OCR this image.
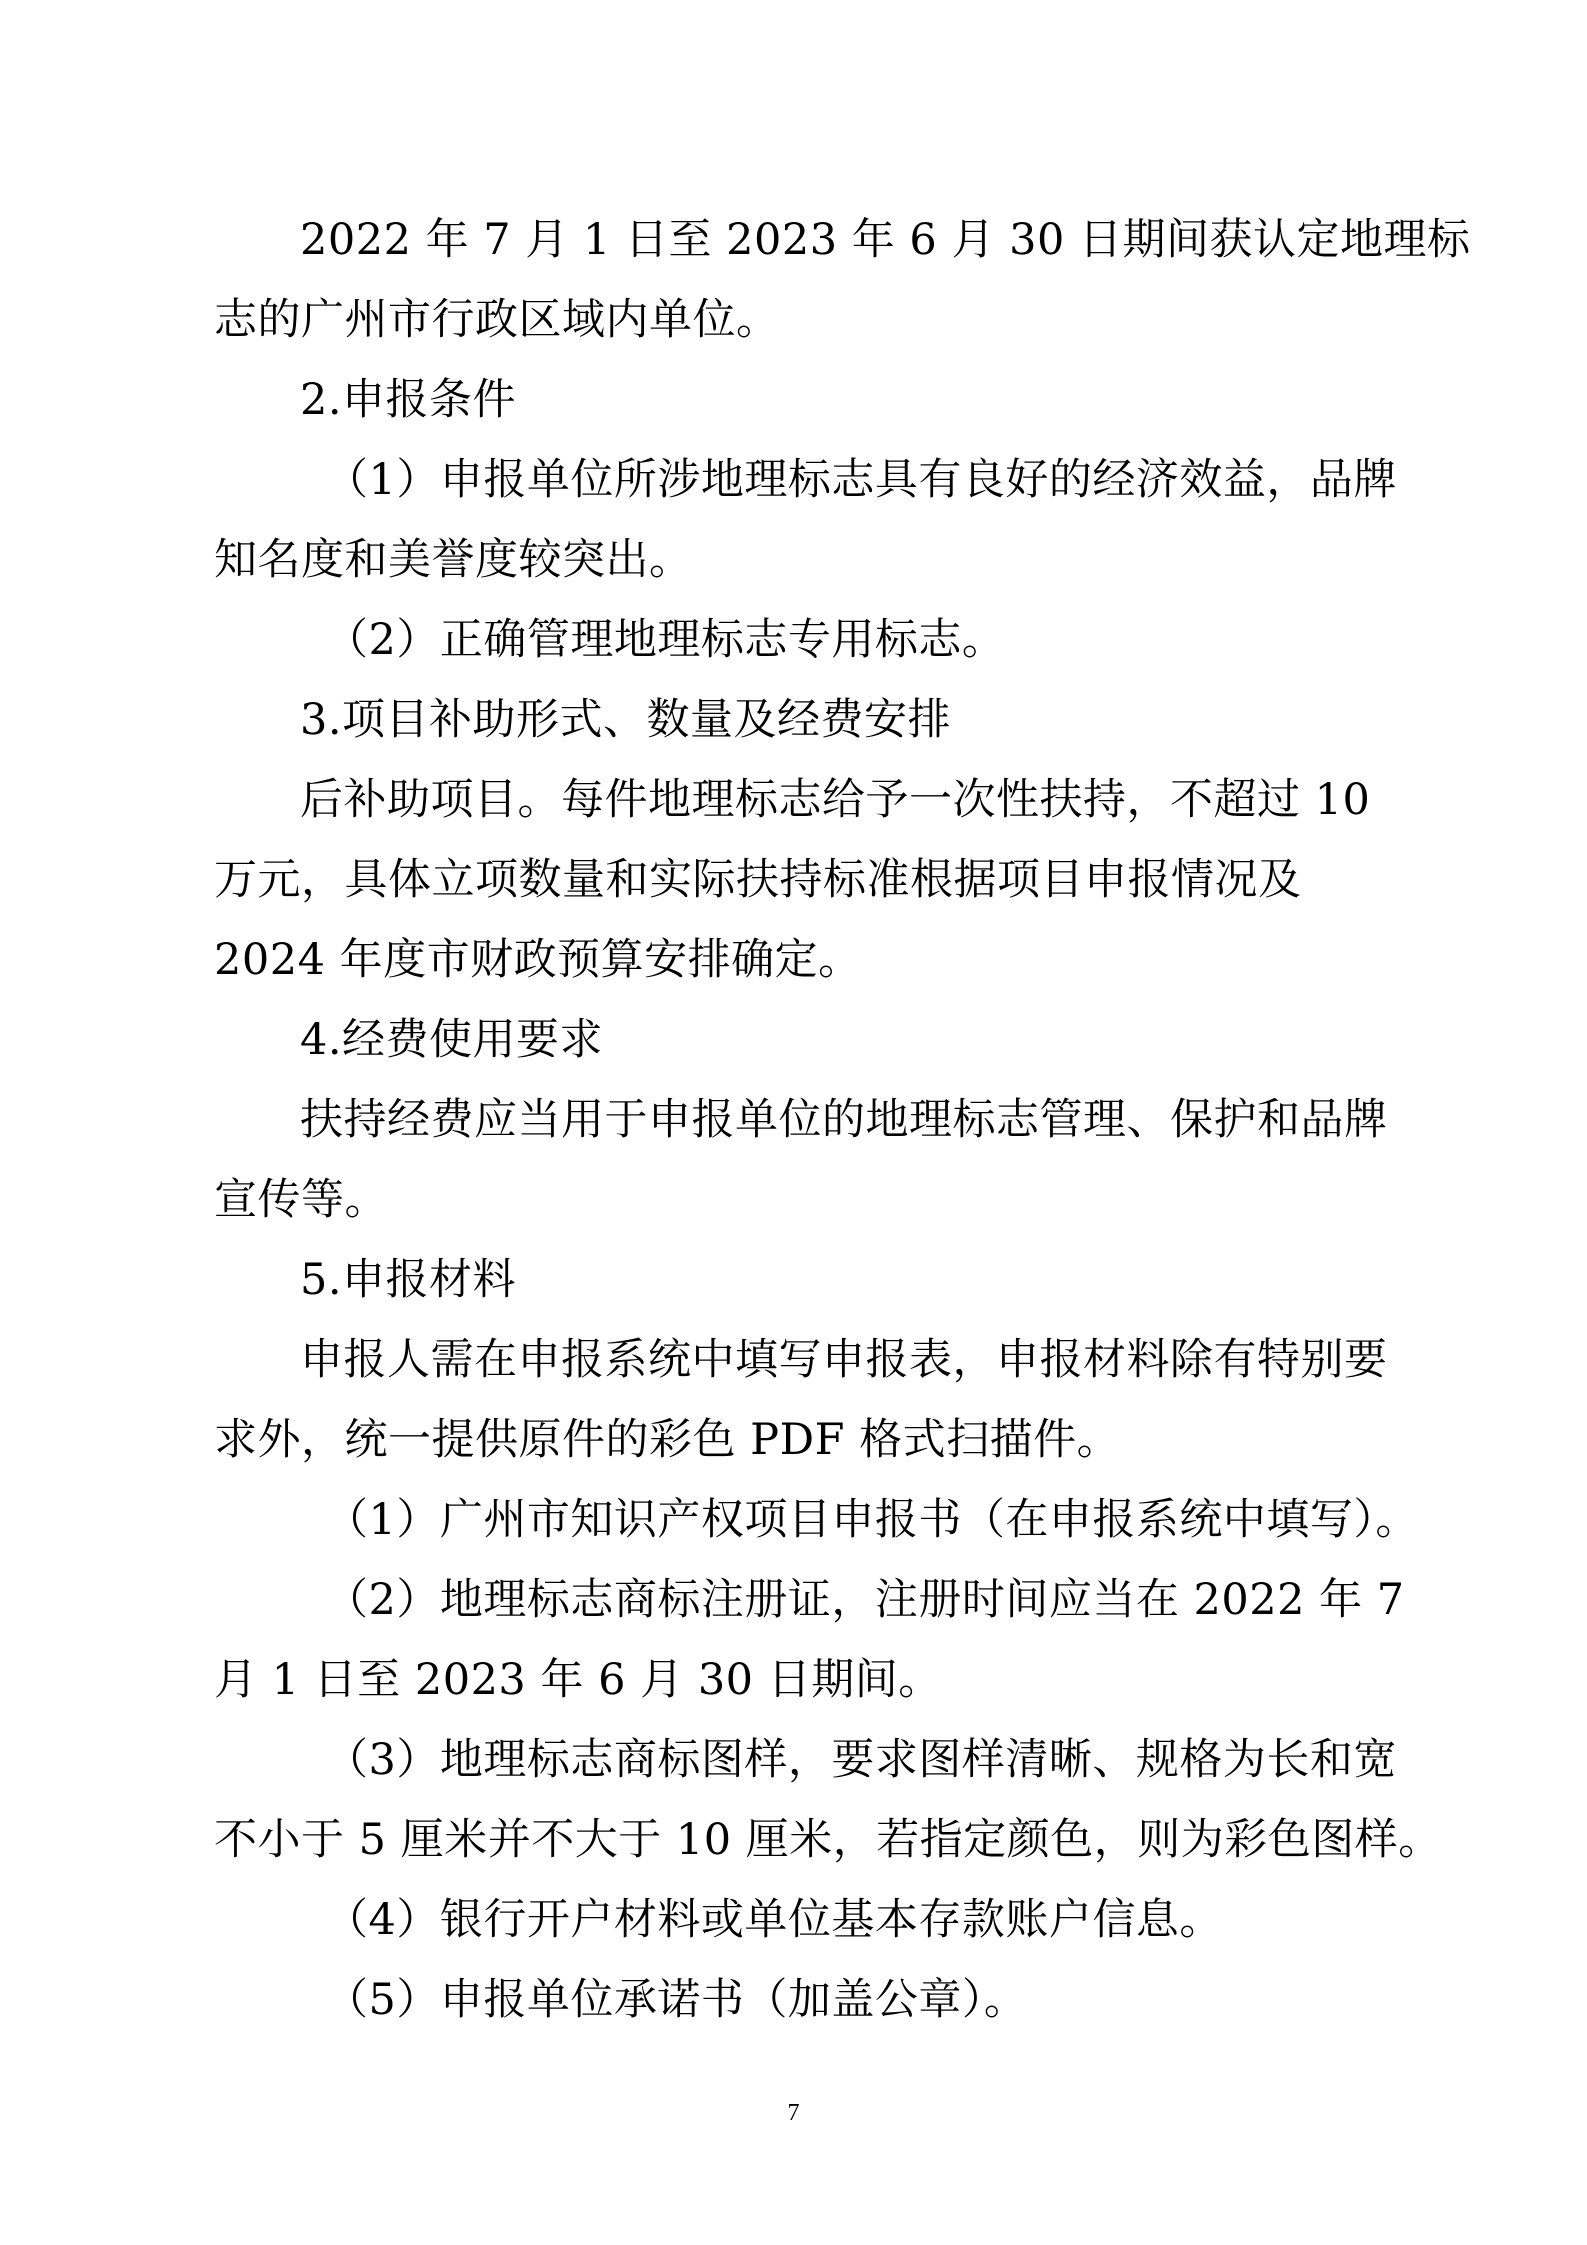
2022 年 7 月 1 日至 2023 年 6 月 30 日期间获认定地理标
志的广州市行政区域内单位。
2.申报条件
（1）申报单位所涉地理标志具有良好的经济效益，品牌
知名度和美誉度较突出。
（2）正确管理地理标志专用标志。
3.项目补助形式、数量及经费安排
后补助项目。每件地理标志给予一次性扶持，不超过 10
万元，具体立项数量和实际扶持标准根据项目申报情况及
2024 年度市财政预算安排确定。
4.经费使用要求
扶持经费应当用于申报单位的地理标志管理、保护和品牌
宣传等。
5.申报材料
申报人需在申报系统中填写申报表，申报材料除有特别要
求外，统一提供原件的彩色 PDF 格式扫描件。
（1）广州市知识产权项目申报书（在申报系统中填写）。
（2）地理标志商标注册证，注册时间应当在 2022 年 7
月 1 日至 2023 年 6 月 30 日期间。
（3）地理标志商标图样，要求图样清晰、规格为长和宽
不小于 5 厘米并不大于 10 厘米，若指定颜色，则为彩色图样。
（4）银行开户材料或单位基本存款账户信息。
（5）申报单位承诺书（加盖公章）。
7
